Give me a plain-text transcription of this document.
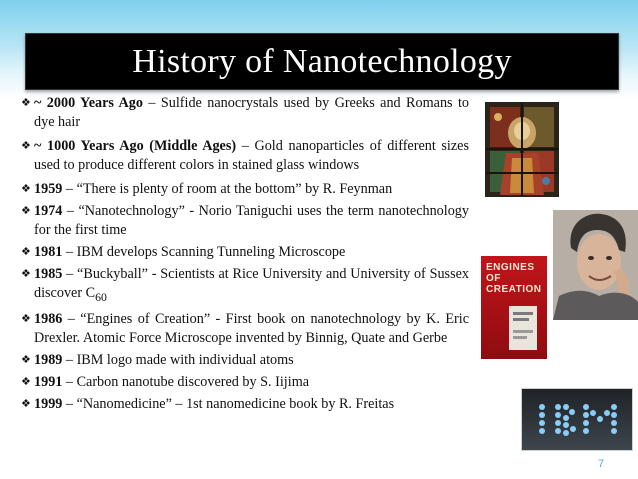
History of Nanotechnology
❖ ~ 2000 Years Ago – Sulfide nanocrystals used by Greeks and Romans to dye hair
❖ ~ 1000 Years Ago (Middle Ages) – Gold nanoparticles of different sizes used to produce different colors in stained glass windows
❖ 1959 – “There is plenty of room at the bottom” by R. Feynman
❖ 1974 – “Nanotechnology” - Norio Taniguchi uses the term nanotechnology for the first time
❖ 1981 – IBM develops Scanning Tunneling Microscope
❖ 1985 – “Buckyball” - Scientists at Rice University and University of Sussex discover $C_{60}$
❖ 1986 – “Engines of Creation” - First book on nanotechnology by K. Eric Drexler. Atomic Force Microscope invented by Binnig, Quate and Gerbe
❖ 1989 – IBM logo made with individual atoms
❖ 1991 – Carbon nanotube discovered by S. Iijima
❖ 1999 – “Nanomedicine” – 1st nanomedicine book by R. Freitas
ENGINES OF CREATION
7
